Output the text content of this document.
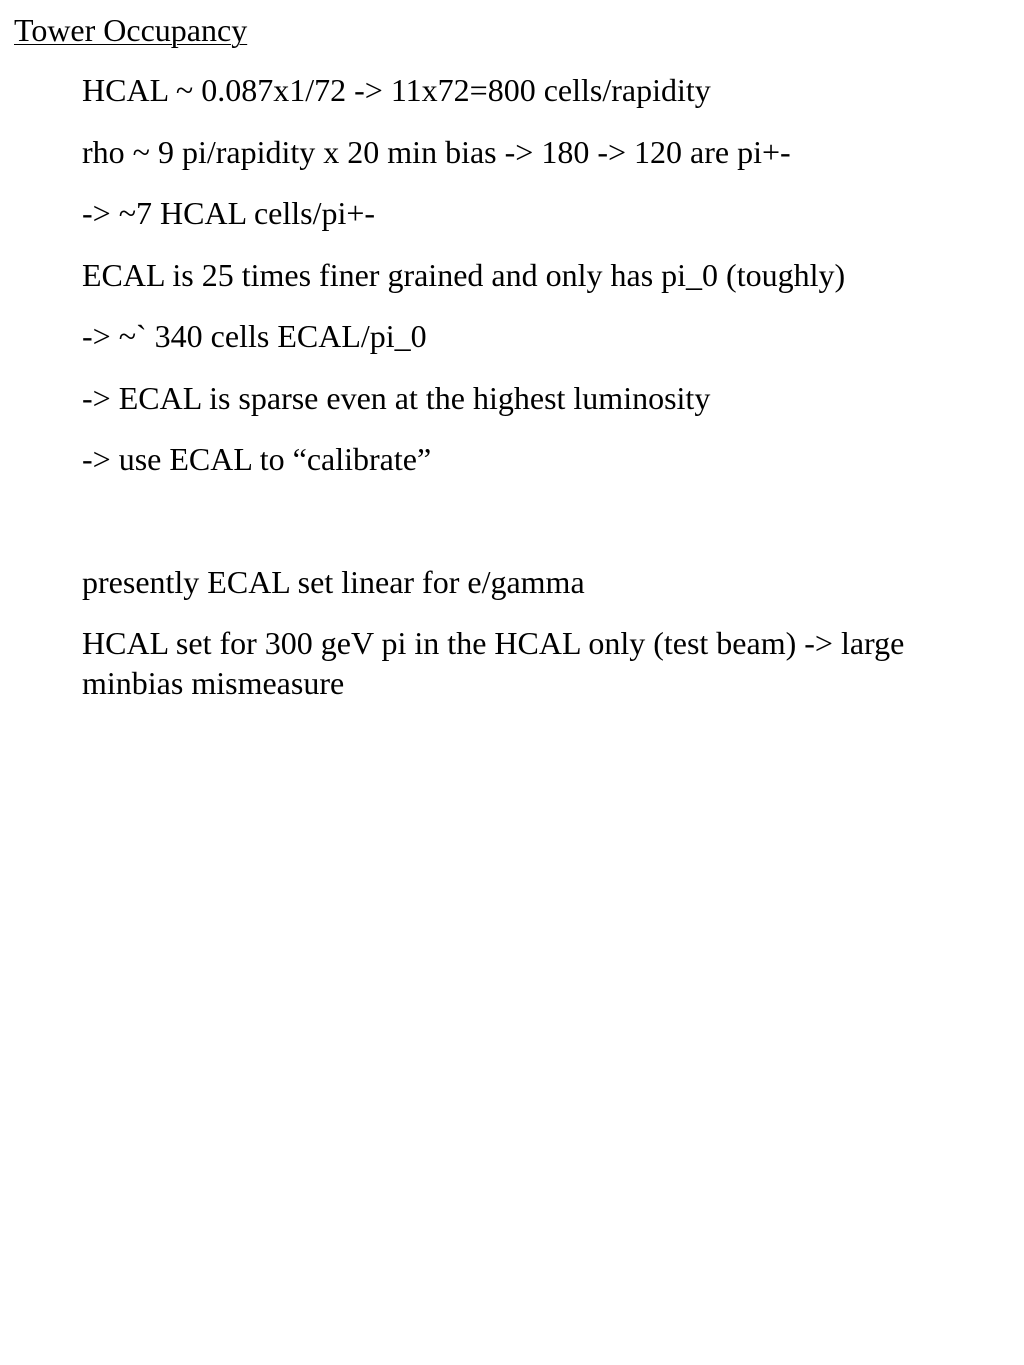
Tower Occupancy
HCAL ~ 0.087x1/72 -> 11x72=800 cells/rapidity
rho ~ 9 pi/rapidity x 20 min bias -> 180 -> 120 are pi+-
-> ~7 HCAL cells/pi+-
ECAL is 25 times finer grained and only has pi_0 (toughly)
-> ~` 340 cells ECAL/pi_0
-> ECAL is sparse even at the highest luminosity
-> use ECAL to “calibrate”
presently ECAL set linear for e/gamma
HCAL set for 300 geV pi in the HCAL only (test beam) -> large minbias mismeasure
